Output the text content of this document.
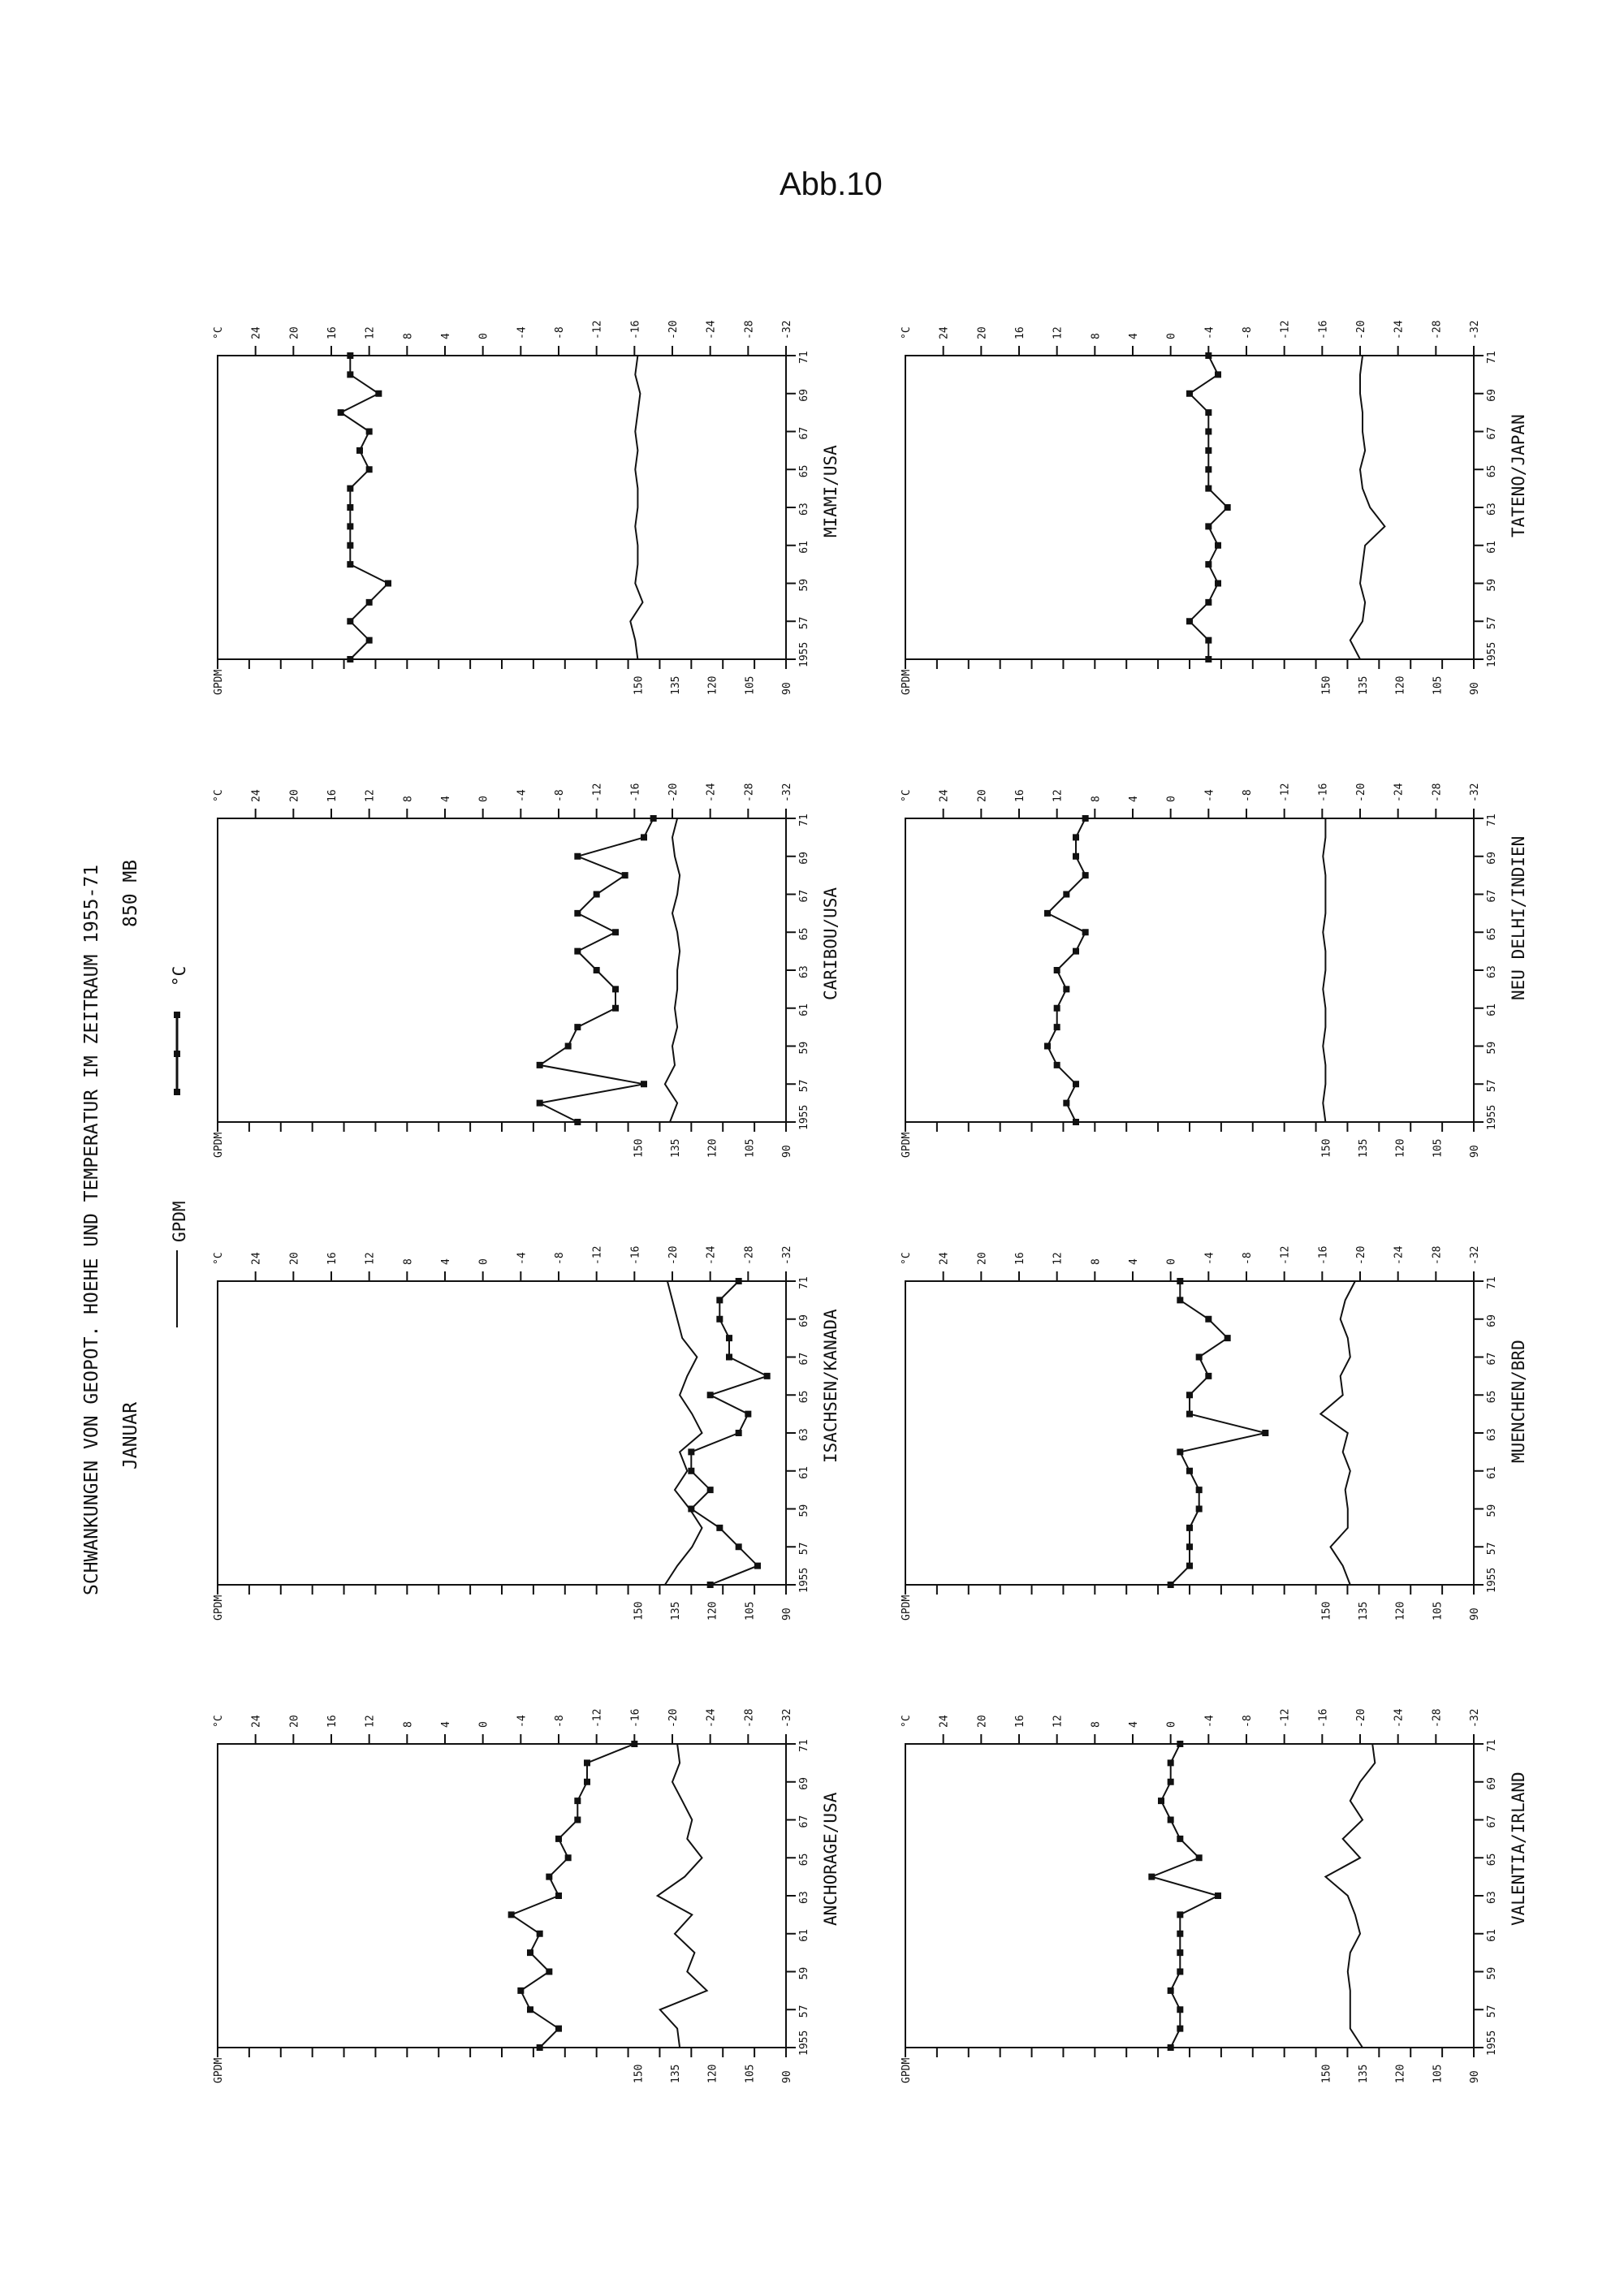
Abb.10
SCHWANKUNGEN VON GEOPOT. HOEHE UND TEMPERATUR IM ZEITRAUM 1955-71 850 MB
JANUAR
°C
GPDM
1955
57
59
61
63
65
67
69
71
-32
-28
-24
-20
-16
-12
-8
-4
0
4
8
12
16
20
24
°C
90
105
120
135
150
GPDM
MIAMI/USA
1955
57
59
61
63
65
67
69
71
-32
-28
-24
-20
-16
-12
-8
-4
0
4
8
12
16
20
24
°C
90
105
120
135
150
GPDM
CARIBOU/USA
1955
57
59
61
63
65
67
69
71
-32
-28
-24
-20
-16
-12
-8
-4
0
4
8
12
16
20
24
°C
90
105
120
135
150
GPDM
ISACHSEN/KANADA
1955
57
59
61
63
65
67
69
71
-32
-28
-24
-20
-16
-12
-8
-4
0
4
8
12
16
20
24
°C
90
105
120
135
150
GPDM
ANCHORAGE/USA
1955
57
59
61
63
65
67
69
71
-32
-28
-24
-20
-16
-12
-8
-4
0
4
8
12
16
20
24
°C
90
105
120
135
150
GPDM
TATENO/JAPAN
1955
57
59
61
63
65
67
69
71
-32
-28
-24
-20
-16
-12
-8
-4
0
4
8
12
16
20
24
°C
90
105
120
135
150
GPDM
NEU DELHI/INDIEN
1955
57
59
61
63
65
67
69
71
-32
-28
-24
-20
-16
-12
-8
-4
0
4
8
12
16
20
24
°C
90
105
120
135
150
GPDM
MUENCHEN/BRD
1955
57
59
61
63
65
67
69
71
-32
-28
-24
-20
-16
-12
-8
-4
0
4
8
12
16
20
24
°C
90
105
120
135
150
GPDM
VALENTIA/IRLAND
